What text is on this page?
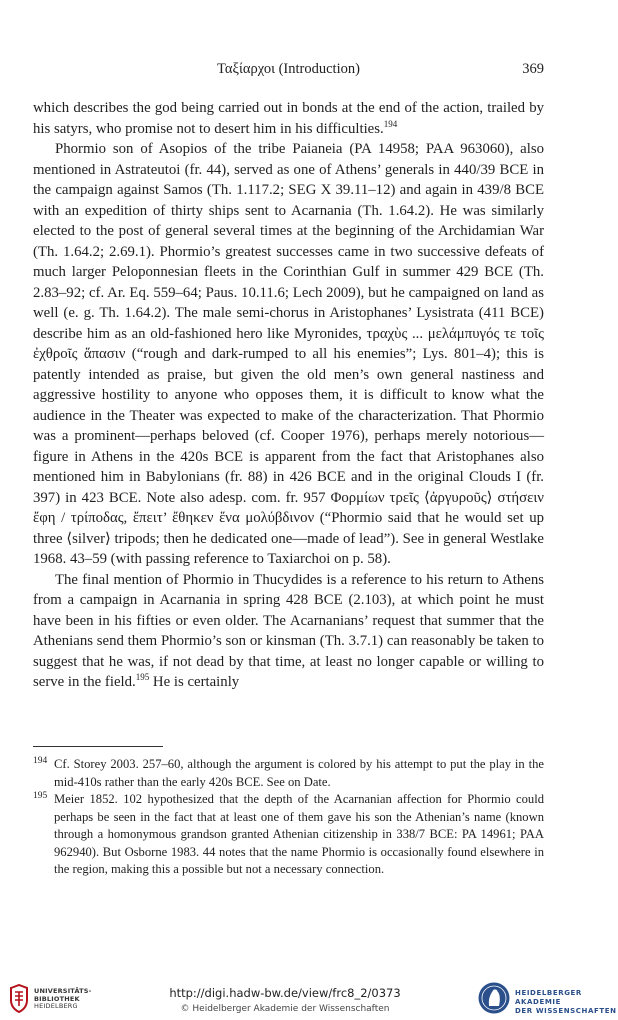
Ταξίαρχοι (Introduction)	369

which describes the god being carried out in bonds at the end of the action, trailed by his satyrs, who promise not to desert him in his difficulties.$^{194}$

Phormio son of Asopios of the tribe Paianeia (PA 14958; PAA 963060), also mentioned in Astrateutoi (fr. 44), served as one of Athens’ generals in 440/39 BCE in the campaign against Samos (Th. 1.117.2; SEG X 39.11–12) and again in 439/8 BCE with an expedition of thirty ships sent to Acarnania (Th. 1.64.2). He was similarly elected to the post of general several times at the beginning of the Archidamian War (Th. 1.64.2; 2.69.1). Phormio’s greatest successes came in two successive defeats of much larger Peloponnesian fleets in the Corinthian Gulf in summer 429 BCE (Th. 2.83–92; cf. Ar. Eq. 559–64; Paus. 10.11.6; Lech 2009), but he campaigned on land as well (e. g. Th. 1.64.2). The male semi-chorus in Aristophanes’ Lysistrata (411 BCE) describe him as an old-fashioned hero like Myronides, τραχὺς ... μελάμπυγός τε τοῖς ἐχθροῖς ἅπασιν (“rough and dark-rumped to all his enemies”; Lys. 801–4); this is patently intended as praise, but given the old men’s own general nastiness and aggressive hostility to anyone who opposes them, it is difficult to know what the audience in the Theater was expected to make of the characterization. That Phormio was a prominent—perhaps beloved (cf. Cooper 1976), perhaps merely notorious—figure in Athens in the 420s BCE is apparent from the fact that Aristophanes also mentioned him in Babylonians (fr. 88) in 426 BCE and in the original Clouds I (fr. 397) in 423 BCE. Note also adesp. com. fr. 957 Φορμίων τρεῖς ⟨ἀργυροῦς⟩ στήσειν ἔφη / τρίποδας, ἔπειτ’ ἔθηκεν ἕνα μολύβδινον (“Phormio said that he would set up three ⟨silver⟩ tripods; then he dedicated one—made of lead”). See in general Westlake 1968. 43–59 (with passing reference to Taxiarchoi on p. 58).

The final mention of Phormio in Thucydides is a reference to his return to Athens from a campaign in Acarnania in spring 428 BCE (2.103), at which point he must have been in his fifties or even older. The Acarnanians’ request that summer that the Athenians send them Phormio’s son or kinsman (Th. 3.7.1) can reasonably be taken to suggest that he was, if not dead by that time, at least no longer capable or willing to serve in the field.$^{195}$ He is certainly

194 Cf. Storey 2003. 257–60, although the argument is colored by his attempt to put the play in the mid-410s rather than the early 420s BCE. See on Date.
195 Meier 1852. 102 hypothesized that the depth of the Acarnanian affection for Phormio could perhaps be seen in the fact that at least one of them gave his son the Athenian’s name (known through a homonymous grandson granted Athenian citizenship in 338/7 BCE: PA 14961; PAA 962940). But Osborne 1983. 44 notes that the name Phormio is occasionally found elsewhere in the region, making this a possible but not a necessary connection.
UNIVERSITÄTS-
BIBLIOTHEK
HEIDELBERG
http://digi.hadw-bw.de/view/frc8_2/0373
© Heidelberger Akademie der Wissenschaften
HEIDELBERGER AKADEMIE
DER WISSENSCHAFTEN
